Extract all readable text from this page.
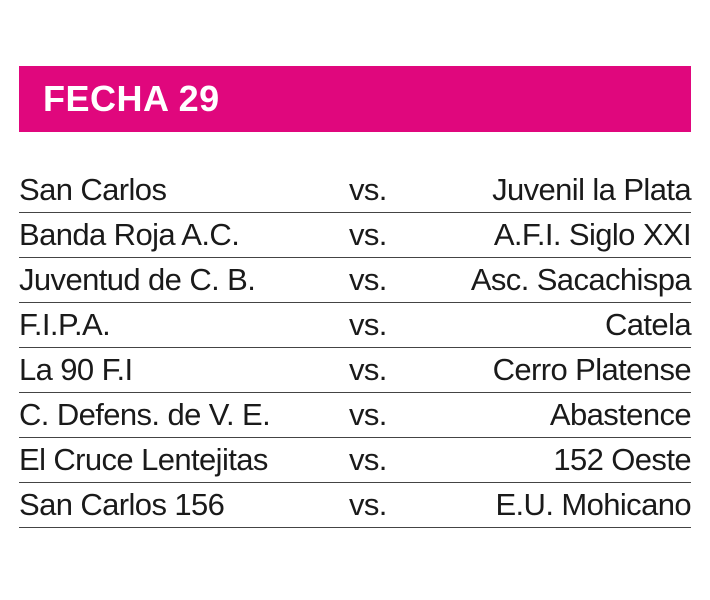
FECHA 29
San Carlos	vs.	Juvenil la Plata
Banda Roja A.C.	vs.	A.F.I. Siglo XXI
Juventud de C. B.	vs.	Asc. Sacachispa
F.I.P.A.	vs.	Catela
La 90 F.I	vs.	Cerro Platense
C. Defens. de V. E.	vs.	Abastence
El Cruce Lentejitas	vs.	152 Oeste
San Carlos 156	vs.	E.U. Mohicano
